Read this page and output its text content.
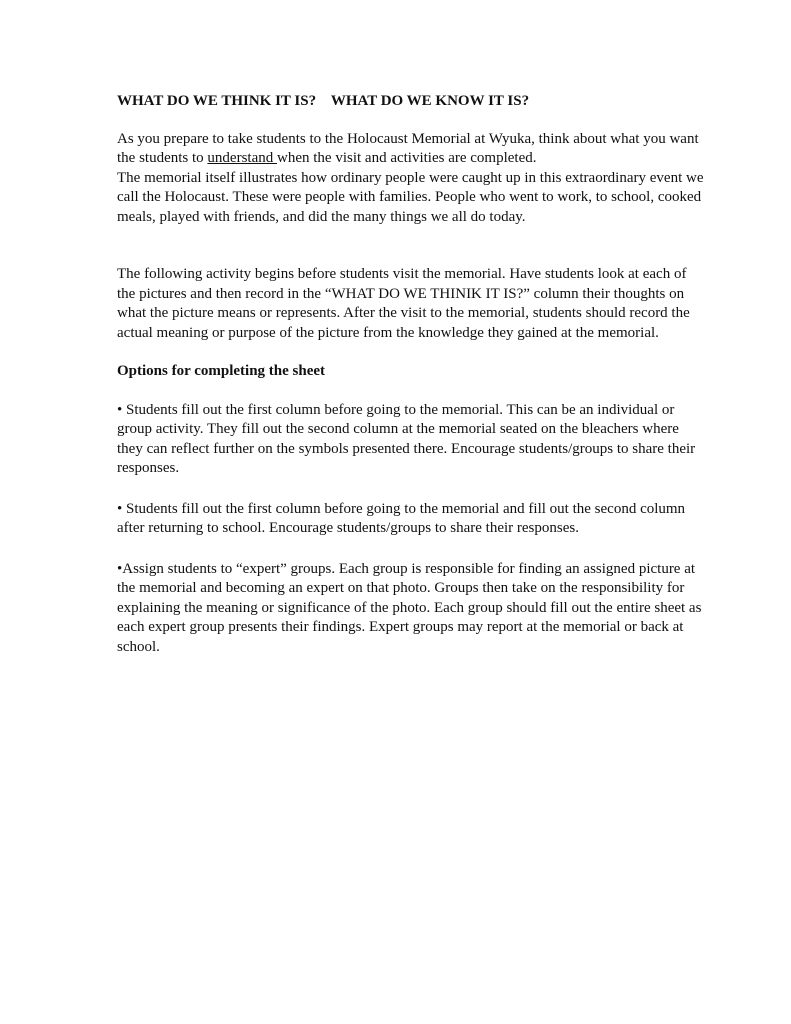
WHAT DO WE THINK IT IS?    WHAT DO WE KNOW IT IS?

As you prepare to take students to the Holocaust Memorial at Wyuka, think about what you want the students to understand when the visit and activities are completed.
The memorial itself illustrates how ordinary people were caught up in this extraordinary event we call the Holocaust. These were people with families. People who went to work, to school, cooked meals, played with friends, and did the many things we all do today.

The following activity begins before students visit the memorial. Have students look at each of the pictures and then record in the “WHAT DO WE THINIK IT IS?” column their thoughts on what the picture means or represents. After the visit to the memorial, students should record the actual meaning or purpose of the picture from the knowledge they gained at the memorial.

Options for completing the sheet

• Students fill out the first column before going to the memorial. This can be an individual or group activity. They fill out the second column at the memorial seated on the bleachers where they can reflect further on the symbols presented there. Encourage students/groups to share their responses.

• Students fill out the first column before going to the memorial and fill out the second column after returning to school. Encourage students/groups to share their responses.

•Assign students to “expert” groups. Each group is responsible for finding an assigned picture at the memorial and becoming an expert on that photo. Groups then take on the responsibility for explaining the meaning or significance of the photo. Each group should fill out the entire sheet as each expert group presents their findings. Expert groups may report at the memorial or back at school.
